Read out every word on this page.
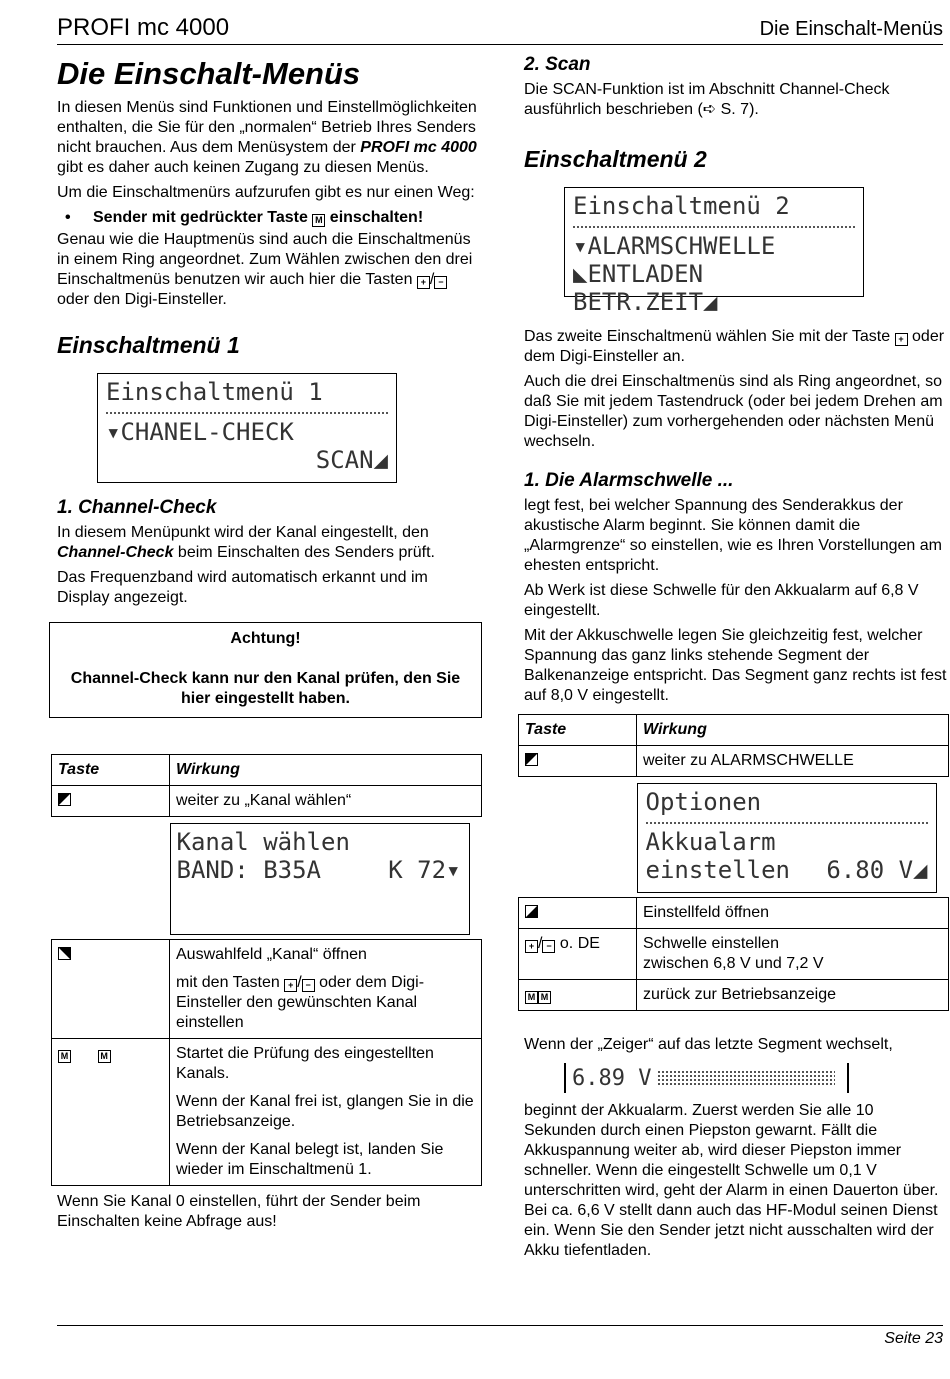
PROFI mc 4000	Die Einschalt-Menüs
Die Einschalt-Menüs

In diesen Menüs sind Funktionen und Einstellmöglichkeiten enthalten, die Sie für den „normalen“ Betrieb Ihres Senders nicht brauchen. Aus dem Menüsystem der PROFI mc 4000 gibt es daher auch keinen Zugang zu diesen Menüs.

Um die Einschaltmenürs aufzurufen gibt es nur einen Weg:

•	Sender mit gedrückter Taste M einschalten!

Genau wie die Hauptmenüs sind auch die Einschaltmenüs in einem Ring angeordnet. Zum Wählen zwischen den drei Einschaltmenüs benutzen wir auch hier die Tasten + / − oder den Digi-Einsteller.

Einschaltmenü 1
Einschaltmenü 1
▾CHANEL-CHECK
SCAN◢
1. Channel-Check

In diesem Menüpunkt wird der Kanal eingestellt, den Channel-Check beim Einschalten des Senders prüft.

Das Frequenzband wird automatisch erkannt und im Display angezeigt.

Achtung!
Channel-Check kann nur den Kanal prüfen, den Sie hier eingestellt haben.
Taste	Wirkung
	weiter zu „Kanal wählen“

	Kanal wählen
BAND: B35A K 72▾

	Auswahlfeld „Kanal“ öffnen

mit den Tasten + / − oder dem Digi-Einsteller den gewünschten Kanal einstellen

M M	Startet die Prüfung des eingestellten Kanals.

Wenn der Kanal frei ist, glangen Sie in die Betriebsanzeige.

Wenn der Kanal belegt ist, landen Sie wieder im Einschaltmenü 1.

Wenn Sie Kanal 0 einstellen, führt der Sender beim Einschalten keine Abfrage aus!

2. Scan

Die SCAN-Funktion ist im Abschnitt Channel-Check ausführlich beschrieben (➪ S. 7).

Einschaltmenü 2
Einschaltmenü 2
▾ALARMSCHWELLE
◣ENTLADEN BETR.ZEIT◢

Das zweite Einschaltmenü wählen Sie mit der Taste + oder dem Digi-Einsteller an.

Auch die drei Einschaltmenüs sind als Ring angeordnet, so daß Sie mit jedem Tastendruck (oder bei jedem Drehen am Digi-Einsteller) zum vorhergehenden oder nächsten Menü wechseln.

1. Die Alarmschwelle ...

legt fest, bei welcher Spannung des Senderakkus der akustische Alarm beginnt. Sie können damit die „Alarmgrenze“ so einstellen, wie es Ihren Vorstellungen am ehesten entspricht.

Ab Werk ist diese Schwelle für den Akkualarm auf 6,8 V eingestellt.

Mit der Akkuschwelle legen Sie gleichzeitig fest, welcher Spannung das ganz links stehende Segment der Balkenanzeige entspricht. Das Segment ganz rechts ist fest auf 8,0 V eingestellt.

Taste	Wirkung
	weiter zu ALARMSCHWELLE

	Optionen
Akkualarm
einstellen 6.80 V◢

	Einstellfeld öffnen
+ / − o. DE	Schwelle einstellen
zwischen 6,8 V und 7,2 V

M M	zurück zur Betriebsanzeige

Wenn der „Zeiger“ auf das letzte Segment wechselt,

6.89 V

beginnt der Akkualarm. Zuerst werden Sie alle 10 Sekunden durch einen Piepston gewarnt. Fällt die Akkuspannung weiter ab, wird dieser Piepston immer schneller. Wenn die eingestellt Schwelle um 0,1 V unterschritten wird, geht der Alarm in einen Dauerton über. Bei ca. 6,6 V stellt dann auch das HF-Modul seinen Dienst ein. Wenn Sie den Sender jetzt nicht ausschalten wird der Akku tiefentladen.

Seite 23
